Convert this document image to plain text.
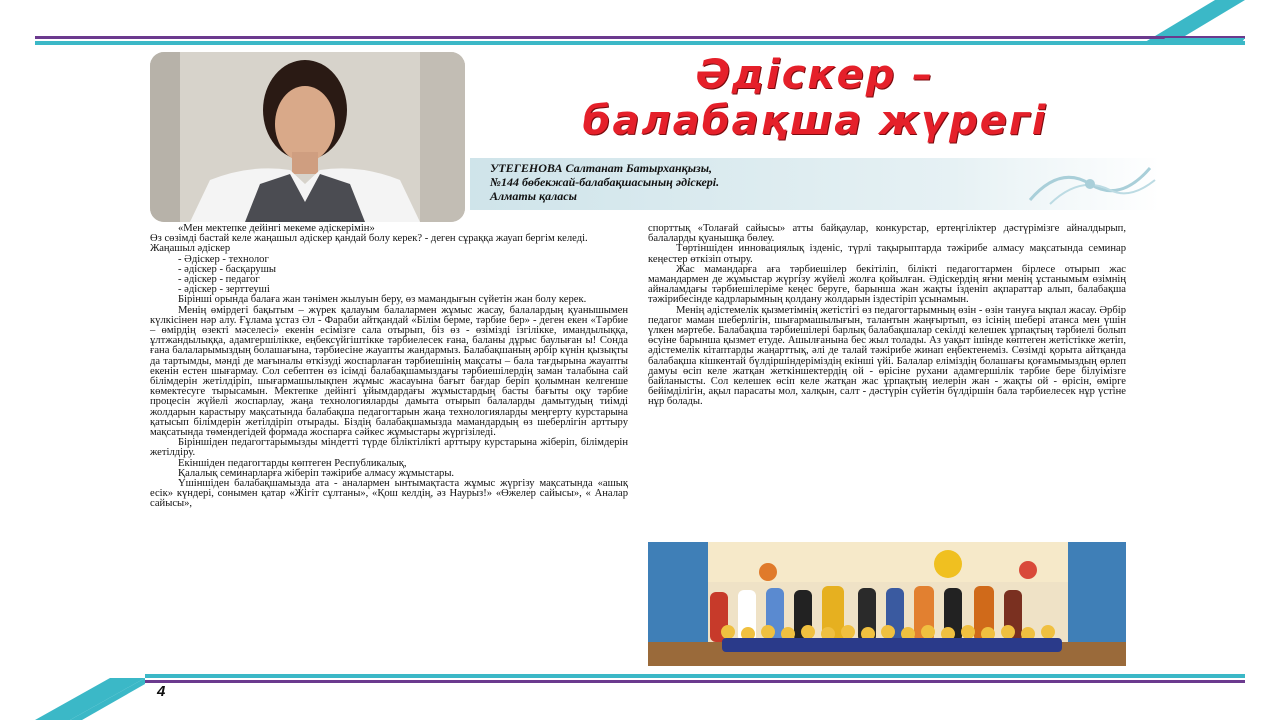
Әдіскер –
балабақша жүрегі
УТЕГЕНОВА Салтанат Батырханқызы,
№144 бөбекжай-балабақшасының әдіскері.
Алматы қаласы

«Мен мектепке дейінгі мекеме әдіскерімін»

Өз сөзімді бастай келе жаңашыл әдіскер қандай болу керек? - деген сұраққа жауап бергім келеді.

Жаңашыл әдіскер

- Әдіскер - технолог

- әдіскер - басқарушы

- әдіскер - педагог

- әдіскер - зерттеуші

Бірінші орында балаға жан тәнімен жылуын беру, өз мамандығын сүйетін жан болу керек.

Менің өмірдегі бақытым – жүрек қалауым балалармен жұмыс жасау, балалардың қуанышымен күлкісінен нәр алу. Ғұлама ұстаз Әл - Фараби айтқандай «Білім берме, тәрбие бер» - деген екен «Тәрбие – өмірдің өзекті мәселесі» екенін есімізге сала отырып, біз өз - өзімізді ізгілікке, имандылыққа, ұлтжандылыққа, адамгершілікке, еңбексүйгіштікке тәрбиелесек ғана, баланы дұрыс баулыған ы! Сонда ғана балаларымыздың болашағына, тәрбиесіне жауапты жандармыз. Балабақшаның әрбір күнін қызықты да тартымды, мәнді де мағыналы өткізуді жоспарлаған тәрбиешінің мақсаты – бала тағдырына жауапты екенін естен шығармау. Сол себептен өз ісімді балабақшамыздағы тәрбиешілердің заман талабына сай білімдерін жетілдіріп, шығармашылықпен жұмыс жасауына бағыт бағдар беріп қолымнан келгенше көмектесуге тырысамын. Мектепке дейінгі ұйымдардағы жұмыстардың басты бағыты оқу тәрбие процесін жүйелі жоспарлау, жаңа технологияларды дамыта отырып балаларды дамытудың тиімді жолдарын карастыру мақсатында балабақша педагогтарын жаңа технологияларды меңгерту курстарына қатысып білімдерін жетілдіріп отырады. Біздің балабақшамызда мамандардың өз шеберлігін арттыру мақсатында төмендегідей формада жоспарға сәйкес жұмыстары жүргізіледі.

Біріншіден педагогтарымызды міндетті түрде біліктілікті арттыру курстарына жіберіп, білімдерін жетілдіру.

Екіншіден педагогтарды көптеген Республикалық,

Қалалық семинарларға жіберіп тәжірибе алмасу жұмыстары.

Үшіншіден балабақшамызда ата - аналармен ынтымақтаста жұмыс жүргізу мақсатында «ашық есік» күндері, сонымен қатар «Жігіт сұлтаны», «Қош келдің, әз Наурыз!» «Өжелер сайысы», « Аналар сайысы»,

спорттық «Толағай сайысы» атты байқаулар, конкурстар, ертеңгіліктер дәстүрімізге айналдырып, балаларды қуанышқа бөлеу.

Төртіншіден инновациялық ізденіс, түрлі тақырыптарда тәжірибе алмасу мақсатында семинар кеңестер өткізіп отыру.

Жас мамандарға аға тәрбиешілер бекітіліп, білікті педагогтармен бірлесе отырып жас мамандармен де жұмыстар жүргізу жүйелі жолға қойылған. Әдіскердің яғни менің ұстанымым өзімнің айналамдағы тәрбиешілеріме кеңес беруге, барынша жан жақты ізденіп ақпараттар алып, балабақша тәжірибесінде кадрларымның қолдану жолдарын іздестіріп ұсынамын.

Менің әдістемелік қызметімнің жетістігі өз педагогтарымның өзін - өзін тануға ықпал жасау. Әрбір педагог маман шеберлігін, шығармашылығын, талантын жаңғыртып, өз ісінің шебері атанса мен үшін үлкен мәртебе. Балабақша тәрбиешілері барлық балабақшалар секілді келешек ұрпақтың тәрбиелі болып өсуіне барынша қызмет етуде. Ашылғанына бес жыл толады. Аз уақыт ішінде көптеген жетістікке жетіп, әдістемелік кітаптарды жаңарттық, әлі де талай тәжірибе жинап еңбектенеміз. Сөзімді қорыта айтқанда балабақша кішкентай бүлдіршіндеріміздің екінші үйі. Балалар еліміздің болашағы қоғамымыздың өрлеп дамуы өсіп келе жатқан жеткіншектердің ой - өрісіне рухани адамгершілік тәрбие бере білуімізге байланысты. Сол келешек өсіп келе жатқан жас ұрпақтың иелерін жан - жақты ой - өрісін, өмірге бейімділігін, ақыл парасаты мол, халқын, салт - дәстүрін сүйетін бүлдіршін бала тәрбиелесек нұр үстіне нұр болады.

4
